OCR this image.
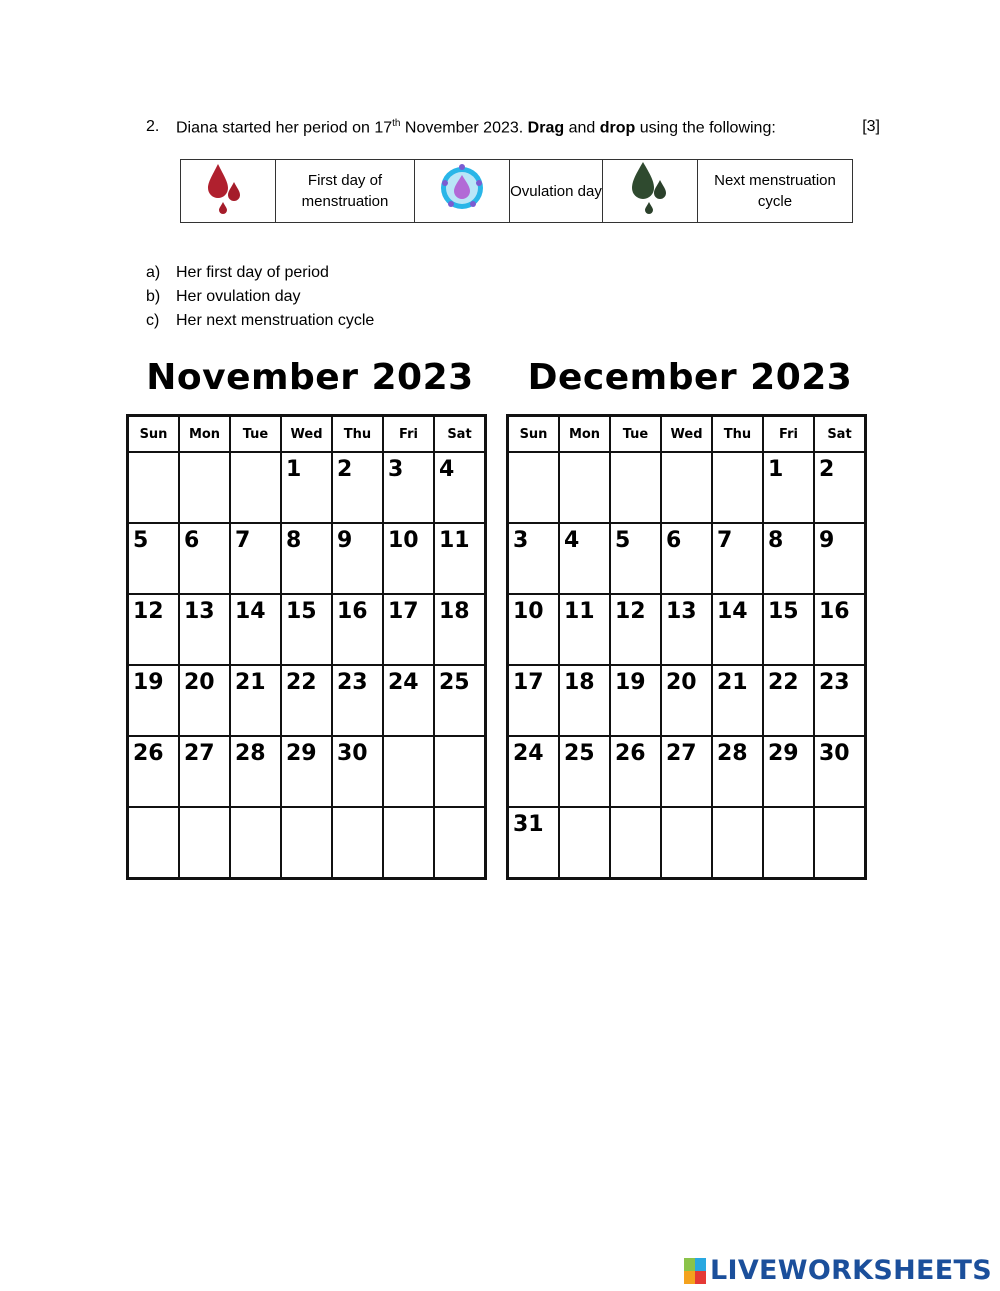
2. Diana started her period on 17th November 2023. Drag and drop using the following:	[3]
	First day of menstruation		Ovulation day		Next menstruation cycle
a) Her first day of period
b) Her ovulation day
c) Her next menstruation cycle
November 2023	December 2023
Sun	Mon	Tue	Wed	Thu	Fri	Sat

			1	2	3	4

5	6	7	8	9	10	11

12	13	14	15	16	17	18

19	20	21	22	23	24	25

26	27	28	29	30		

Sun	Mon	Tue	Wed	Thu	Fri	Sat

					1	2

3	4	5	6	7	8	9

10	11	12	13	14	15	16

17	18	19	20	21	22	23

24	25	26	27	28	29	30

31						

LIVEWORKSHEETS
